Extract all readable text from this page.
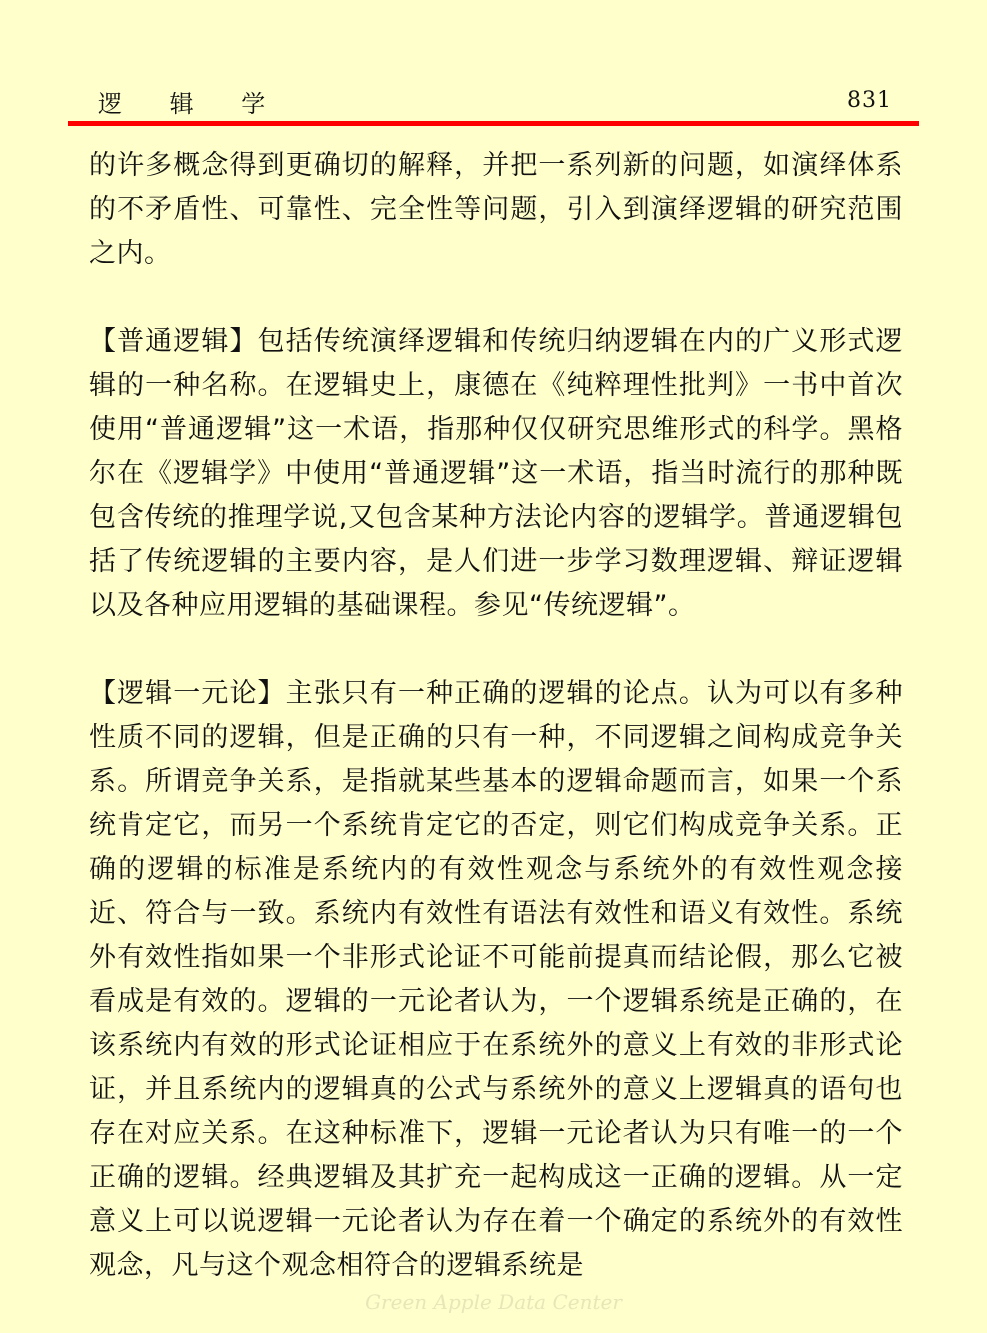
逻 辑 学	831

的许多概念得到更确切的解释，并把一系列新的问题，如演绎体系的不矛盾性、可靠性、完全性等问题，引入到演绎逻辑的研究范围之内。

【普通逻辑】包括传统演绎逻辑和传统归纳逻辑在内的广义形式逻辑的一种名称。在逻辑史上，康德在《纯粹理性批判》一书中首次使用“普通逻辑”这一术语，指那种仅仅研究思维形式的科学。黑格尔在《逻辑学》中使用“普通逻辑”这一术语，指当时流行的那种既包含传统的推理学说,又包含某种方法论内容的逻辑学。普通逻辑包括了传统逻辑的主要内容，是人们进一步学习数理逻辑、辩证逻辑以及各种应用逻辑的基础课程。参见“传统逻辑”。

【逻辑一元论】主张只有一种正确的逻辑的论点。认为可以有多种性质不同的逻辑，但是正确的只有一种，不同逻辑之间构成竞争关系。所谓竞争关系，是指就某些基本的逻辑命题而言，如果一个系统肯定它，而另一个系统肯定它的否定，则它们构成竞争关系。正确的逻辑的标准是系统内的有效性观念与系统外的有效性观念接近、符合与一致。系统内有效性有语法有效性和语义有效性。系统外有效性指如果一个非形式论证不可能前提真而结论假，那么它被看成是有效的。逻辑的一元论者认为，一个逻辑系统是正确的，在该系统内有效的形式论证相应于在系统外的意义上有效的非形式论证，并且系统内的逻辑真的公式与系统外的意义上逻辑真的语句也存在对应关系。在这种标准下，逻辑一元论者认为只有唯一的一个正确的逻辑。经典逻辑及其扩充一起构成这一正确的逻辑。从一定意义上可以说逻辑一元论者认为存在着一个确定的系统外的有效性观念，凡与这个观念相符合的逻辑系统是

Green Apple Data Center
